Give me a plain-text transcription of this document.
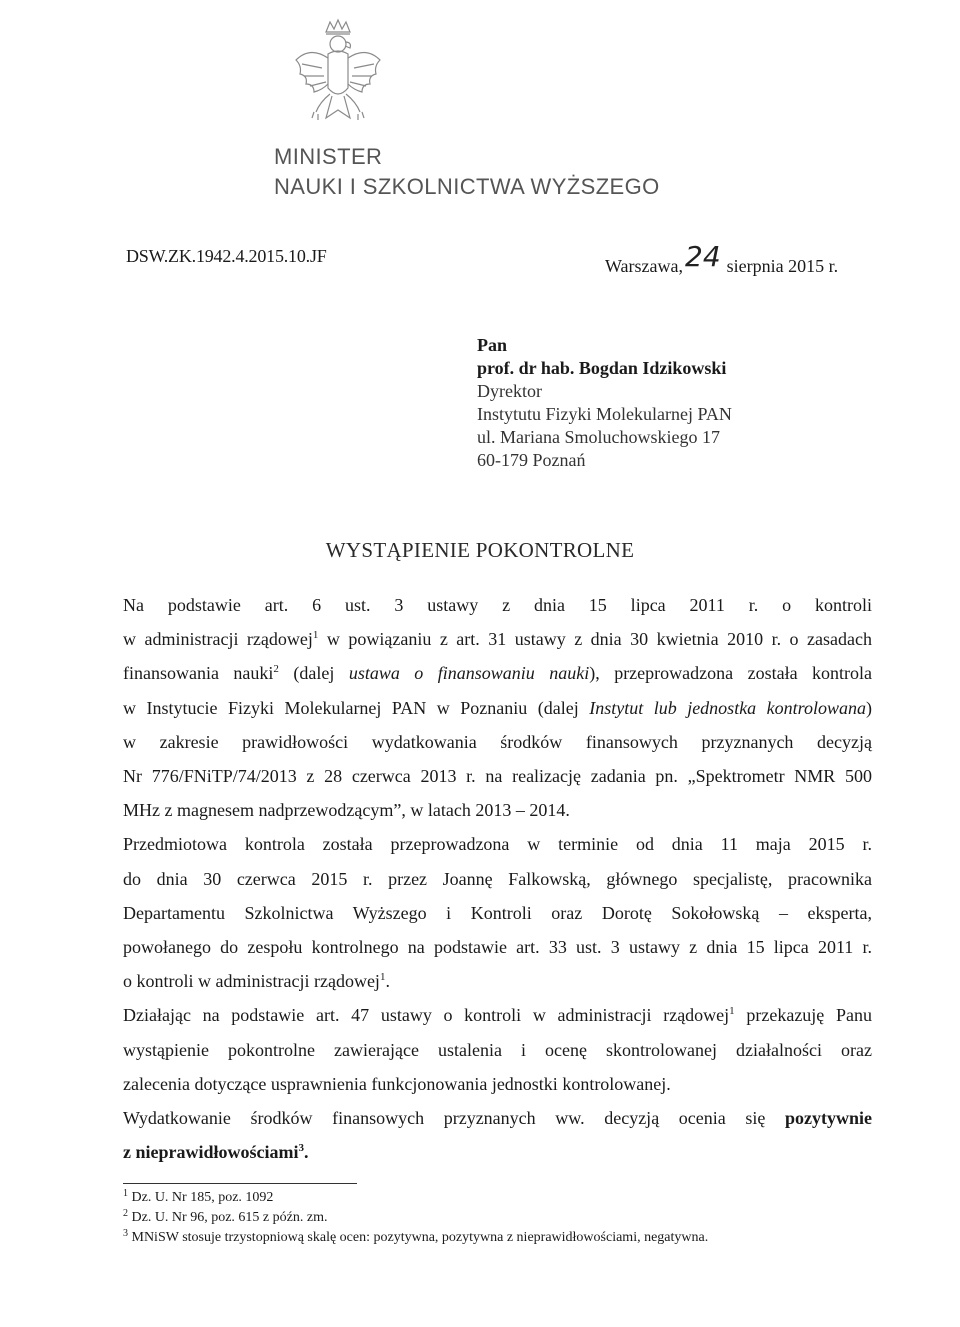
MINISTER
NAUKI I SZKOLNICTWA WYŻSZEGO
DSW.ZK.1942.4.2015.10.JF	Warszawa,24 sierpnia 2015 r.
Pan
prof. dr hab. Bogdan Idzikowski
Dyrektor
Instytutu Fizyki Molekularnej PAN
ul. Mariana Smoluchowskiego 17
60-179 Poznań
WYSTĄPIENIE POKONTROLNE
Na podstawie art. 6 ust. 3 ustawy z dnia 15 lipca 2011 r. o kontroli
w administracji rządowej$^1$ w powiązaniu z art. 31 ustawy z dnia 30 kwietnia 2010 r. o zasadach
finansowania nauki$^2$ (dalej ustawa o finansowaniu nauki), przeprowadzona została kontrola
w Instytucie Fizyki Molekularnej PAN w Poznaniu (dalej Instytut lub jednostka kontrolowana)
w zakresie prawidłowości wydatkowania środków finansowych przyznanych decyzją
Nr 776/FNiTP/74/2013 z 28 czerwca 2013 r. na realizację zadania pn. „Spektrometr NMR 500
MHz z magnesem nadprzewodzącym”, w latach 2013 – 2014.
Przedmiotowa kontrola została przeprowadzona w terminie od dnia 11 maja 2015 r.
do dnia 30 czerwca 2015 r. przez Joannę Falkowską, głównego specjalistę, pracownika
Departamentu Szkolnictwa Wyższego i Kontroli oraz Dorotę Sokołowską – eksperta,
powołanego do zespołu kontrolnego na podstawie art. 33 ust. 3 ustawy z dnia 15 lipca 2011 r.
o kontroli w administracji rządowej$^1$.
Działając na podstawie art. 47 ustawy o kontroli w administracji rządowej$^1$ przekazuję Panu
wystąpienie pokontrolne zawierające ustalenia i ocenę skontrolowanej działalności oraz
zalecenia dotyczące usprawnienia funkcjonowania jednostki kontrolowanej.
Wydatkowanie środków finansowych przyznanych ww. decyzją ocenia się pozytywnie
z nieprawidłowościami$^3$.
$^1$ Dz. U. Nr 185, poz. 1092
$^2$ Dz. U. Nr 96, poz. 615 z późn. zm.
$^3$ MNiSW stosuje trzystopniową skalę ocen: pozytywna, pozytywna z nieprawidłowościami, negatywna.
